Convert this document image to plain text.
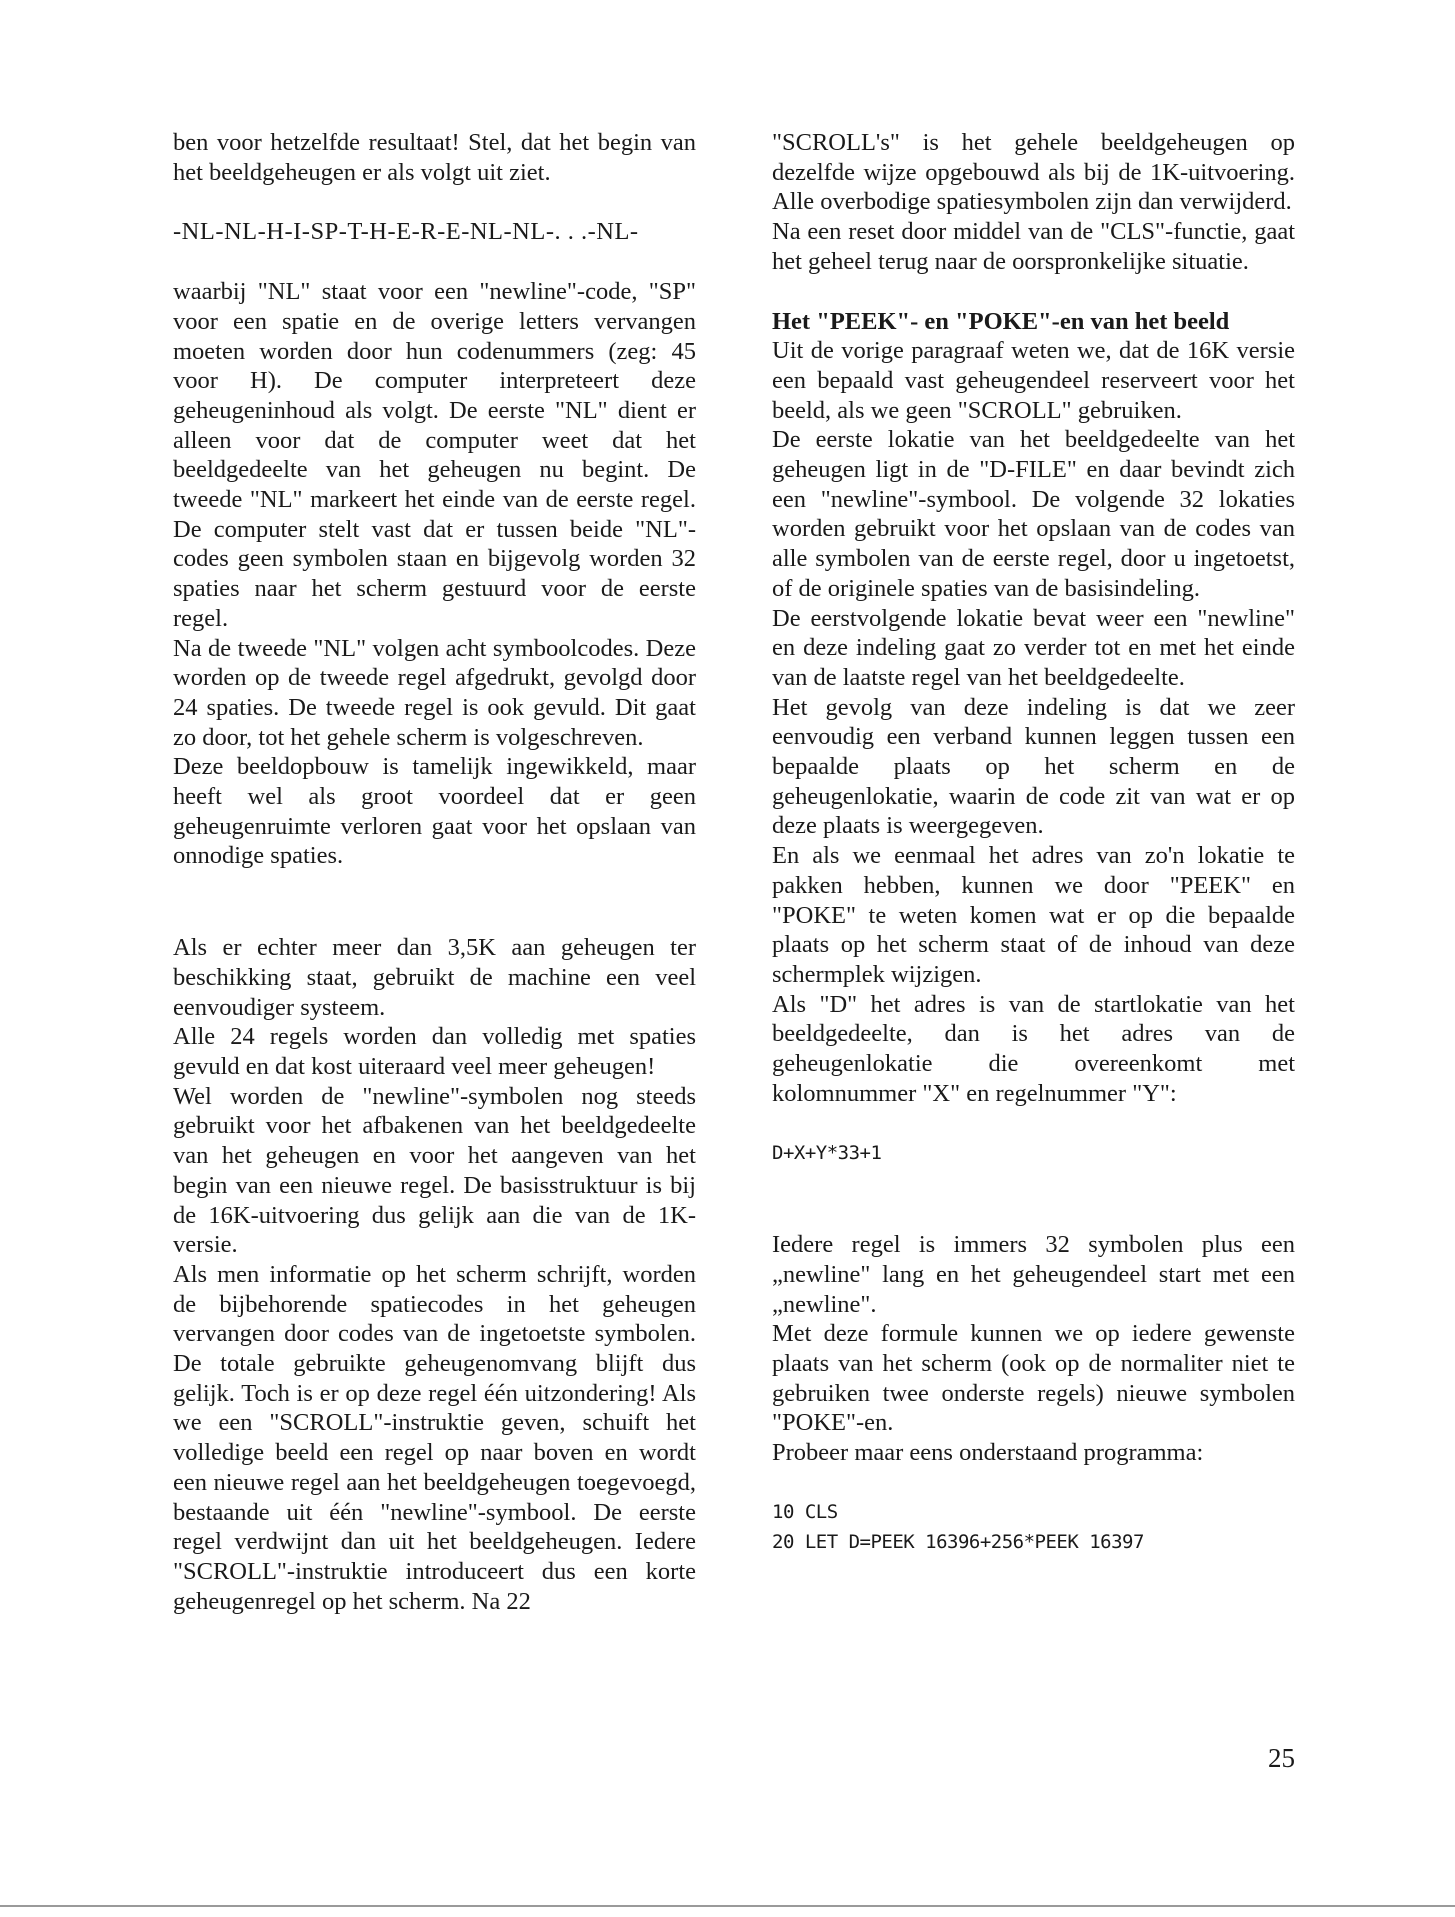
ben voor hetzelfde resultaat! Stel, dat het begin van het beeldgeheugen er als volgt uit ziet.

-NL-NL-H-I-SP-T-H-E-R-E-NL-NL-. . .-NL-

waarbij "NL" staat voor een "newline"-code, "SP" voor een spatie en de overige letters vervangen moeten worden door hun codenummers (zeg: 45 voor H). De computer interpreteert deze geheugeninhoud als volgt. De eerste "NL" dient er alleen voor dat de computer weet dat het beeldgedeelte van het geheugen nu begint. De tweede "NL" markeert het einde van de eerste regel. De computer stelt vast dat er tussen beide "NL"-codes geen symbolen staan en bijgevolg worden 32 spaties naar het scherm gestuurd voor de eerste regel.

Na de tweede "NL" volgen acht symboolcodes. Deze worden op de tweede regel afgedrukt, gevolgd door 24 spaties. De tweede regel is ook gevuld. Dit gaat zo door, tot het gehele scherm is volgeschreven.

Deze beeldopbouw is tamelijk ingewikkeld, maar heeft wel als groot voordeel dat er geen geheugenruimte verloren gaat voor het opslaan van onnodige spaties.

Als er echter meer dan 3,5K aan geheugen ter beschikking staat, gebruikt de machine een veel eenvoudiger systeem.

Alle 24 regels worden dan volledig met spaties gevuld en dat kost uiteraard veel meer geheugen!

Wel worden de "newline"-symbolen nog steeds gebruikt voor het afbakenen van het beeldgedeelte van het geheugen en voor het aangeven van het begin van een nieuwe regel. De basisstruktuur is bij de 16K-uitvoering dus gelijk aan die van de 1K-versie.

Als men informatie op het scherm schrijft, worden de bijbehorende spatiecodes in het geheugen vervangen door codes van de ingetoetste symbolen. De totale gebruikte geheugenomvang blijft dus gelijk. Toch is er op deze regel één uitzondering! Als we een "SCROLL"-instruktie geven, schuift het volledige beeld een regel op naar boven en wordt een nieuwe regel aan het beeldgeheugen toegevoegd, bestaande uit één "newline"-symbool. De eerste regel verdwijnt dan uit het beeldgeheugen. Iedere "SCROLL"-instruktie introduceert dus een korte geheugenregel op het scherm. Na 22

"SCROLL's" is het gehele beeldgeheugen op dezelfde wijze opgebouwd als bij de 1K-uitvoering. Alle overbodige spatiesymbolen zijn dan verwijderd.

Na een reset door middel van de "CLS"-functie, gaat het geheel terug naar de oorspronkelijke situatie.

Het "PEEK"- en "POKE"-en van het beeld

Uit de vorige paragraaf weten we, dat de 16K versie een bepaald vast geheugendeel reserveert voor het beeld, als we geen "SCROLL" gebruiken.

De eerste lokatie van het beeldgedeelte van het geheugen ligt in de "D-FILE" en daar bevindt zich een "newline"-symbool. De volgende 32 lokaties worden gebruikt voor het opslaan van de codes van alle symbolen van de eerste regel, door u ingetoetst, of de originele spaties van de basisindeling.

De eerstvolgende lokatie bevat weer een "newline" en deze indeling gaat zo verder tot en met het einde van de laatste regel van het beeldgedeelte.

Het gevolg van deze indeling is dat we zeer eenvoudig een verband kunnen leggen tussen een bepaalde plaats op het scherm en de geheugenlokatie, waarin de code zit van wat er op deze plaats is weergegeven.

En als we eenmaal het adres van zo'n lokatie te pakken hebben, kunnen we door "PEEK" en "POKE" te weten komen wat er op die bepaalde plaats op het scherm staat of de inhoud van deze schermplek wijzigen.

Als "D" het adres is van de startlokatie van het beeldgedeelte, dan is het adres van de geheugenlokatie die overeenkomt met kolomnummer "X" en regelnummer "Y":

D+X+Y*33+1

Iedere regel is immers 32 symbolen plus een „newline" lang en het geheugendeel start met een „newline".

Met deze formule kunnen we op iedere gewenste plaats van het scherm (ook op de normaliter niet te gebruiken twee onderste regels) nieuwe symbolen "POKE"-en.

Probeer maar eens onderstaand programma:

10 CLS

20 LET D=PEEK 16396+256*PEEK 16397

25
